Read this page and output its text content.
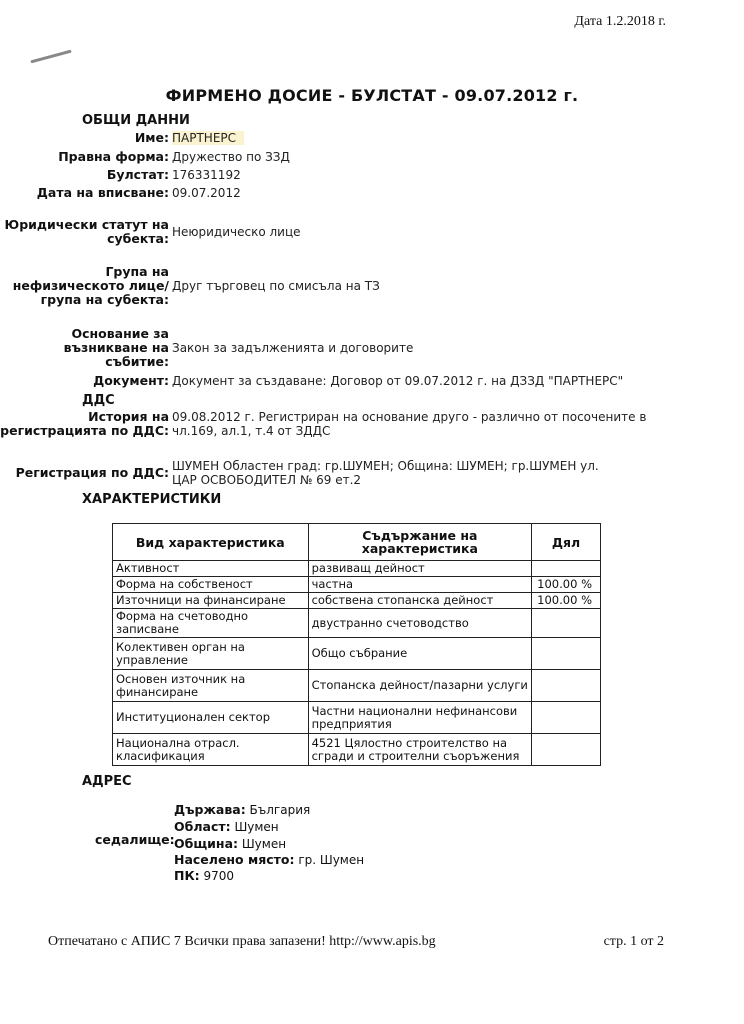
Дата 1.2.2018 г.
ФИРМЕНО ДОСИЕ - БУЛСТАТ - 09.07.2012 г.
ОБЩИ ДАННИ
Име: ПАРТНЕРС
Правна форма: Дружество по ЗЗД
Булстат: 176331192
Дата на вписване: 09.07.2012
Юридически статут на субекта: Неюридическо лице
Група на нефизическото лице/група на субекта:
Друг търговец по смисъла на ТЗ
Основание за възникване на събитие:
Закон за задълженията и договорите
Документ: Документ за създаване: Договор от 09.07.2012 г. на ДЗЗД "ПАРТНЕРС"
ДДС
История на регистрацията по ДДС:
09.08.2012 г. Регистриран на основание друго - различно от посочените в чл.169, ал.1, т.4 от ЗДДС
Регистрация по ДДС: ШУМЕН Областен град: гр.ШУМЕН; Община: ШУМЕН; гр.ШУМЕН ул. ЦАР ОСВОБОДИТЕЛ № 69 ет.2
ХАРАКТЕРИСТИКИ
Вид характеристика	Съдържание на характеристика	Дял
Активност	развиващ дейност	
Форма на собственост	частна	100.00 %
Източници на финансиране	собствена стопанска дейност	100.00 %
Форма на счетоводно записване	двустранно счетоводство	
Колективен орган на управление	Общо събрание	
Основен източник на финансиране	Стопанска дейност/пазарни услуги	
Институционален сектор	Частни национални нефинансови предприятия	
Национална отрасл. класификация	4521 Цялостно строителство на сгради и строителни съоръжения	
АДРЕС
седалище:
Държава: България
Област: Шумен
Община: Шумен
Населено място: гр. Шумен
ПК: 9700
Отпечатано с АПИС 7 Всички права запазени! http://www.apis.bg	стр. 1 от 2
